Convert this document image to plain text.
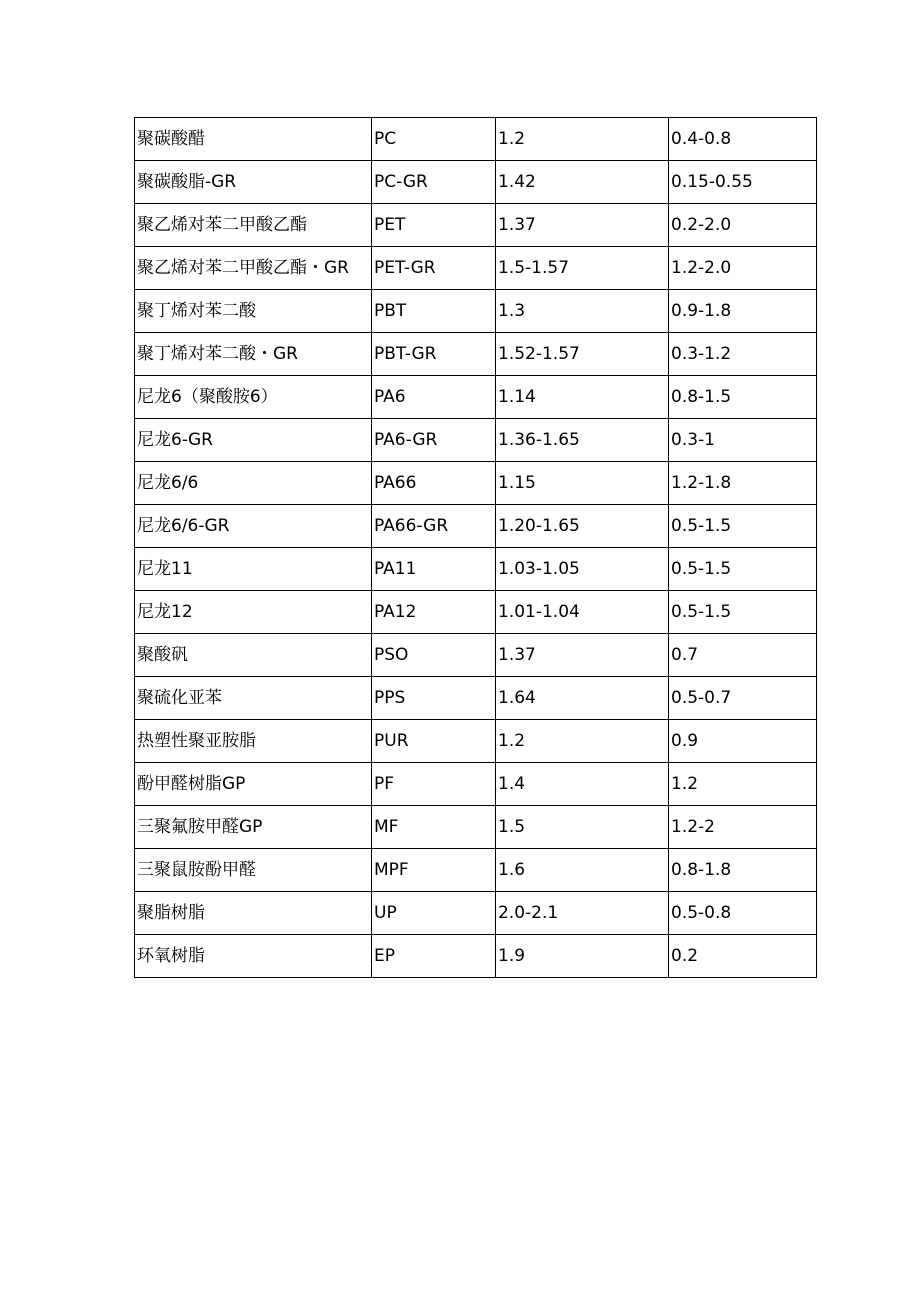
聚碳酸醋	PC	1.2	0.4-0.8
聚碳酸脂-GR	PC-GR	1.42	0.15-0.55
聚乙烯对苯二甲酸乙酯	PET	1.37	0.2-2.0
聚乙烯对苯二甲酸乙酯・GR	PET-GR	1.5-1.57	1.2-2.0
聚丁烯对苯二酸	PBT	1.3	0.9-1.8
聚丁烯对苯二酸・GR	PBT-GR	1.52-1.57	0.3-1.2
尼龙6（聚酸胺6）	PA6	1.14	0.8-1.5
尼龙6-GR	PA6-GR	1.36-1.65	0.3-1
尼龙6/6	PA66	1.15	1.2-1.8
尼龙6/6-GR	PA66-GR	1.20-1.65	0.5-1.5
尼龙11	PA11	1.03-1.05	0.5-1.5
尼龙12	PA12	1.01-1.04	0.5-1.5
聚酸矾	PSO	1.37	0.7
聚硫化亚苯	PPS	1.64	0.5-0.7
热塑性聚亚胺脂	PUR	1.2	0.9
酚甲醛树脂GP	PF	1.4	1.2
三聚氟胺甲醛GP	MF	1.5	1.2-2
三聚鼠胺酚甲醛	MPF	1.6	0.8-1.8
聚脂树脂	UP	2.0-2.1	0.5-0.8
环氧树脂	EP	1.9	0.2
